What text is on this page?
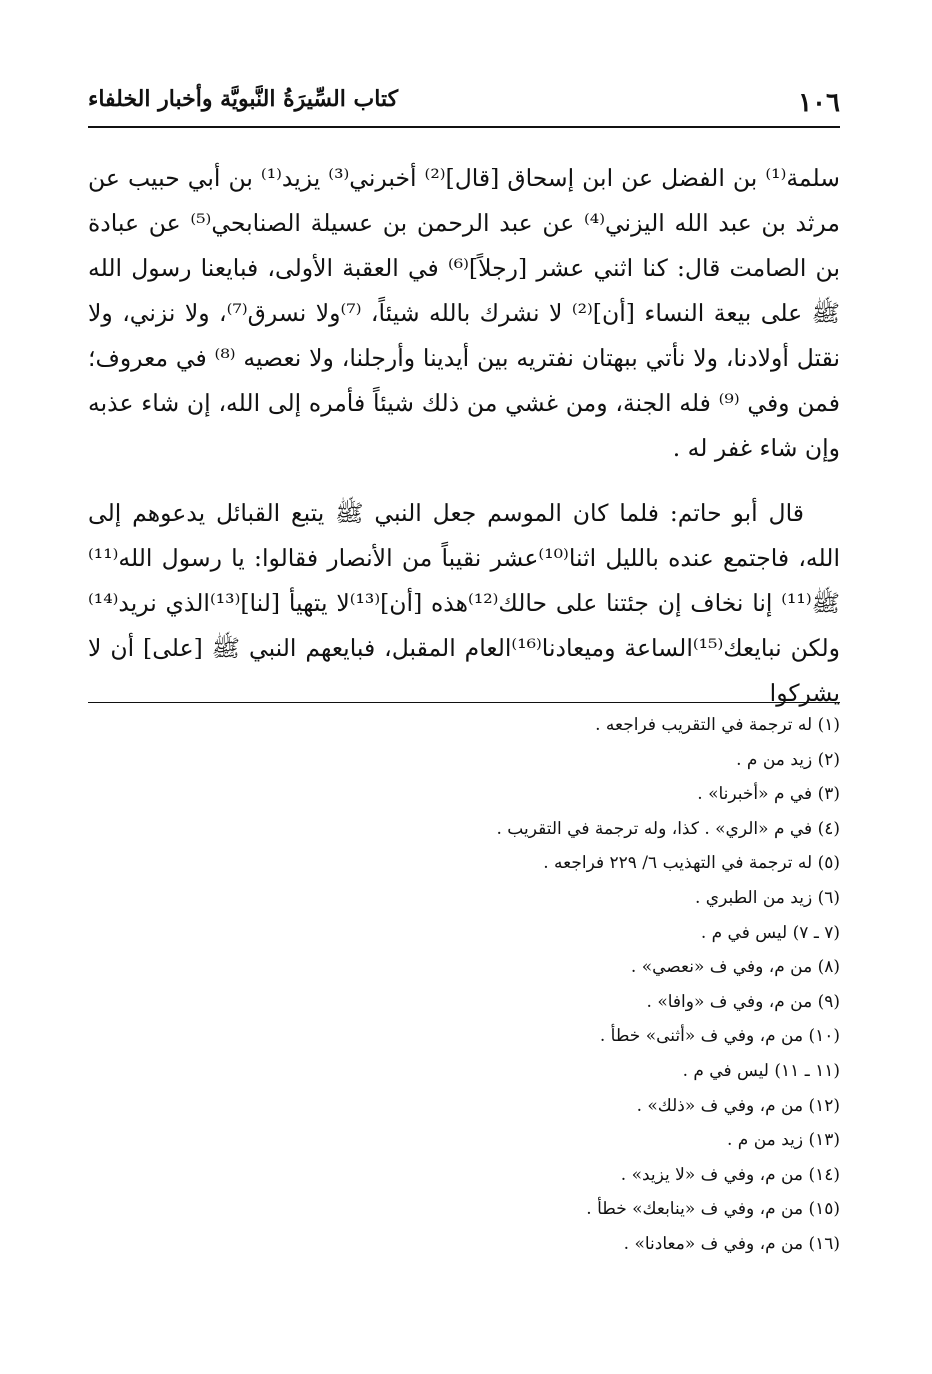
١٠٦
كتاب السِّيرَةُ النَّبويَّة وأخبار الخلفاء

سلمة⁽¹⁾ بن الفضل عن ابن إسحاق [قال]⁽²⁾ أخبرني⁽³⁾ يزيد⁽¹⁾ بن أبي حبيب عن مرثد بن عبد الله اليزني⁽⁴⁾ عن عبد الرحمن بن عسيلة الصنابحي⁽⁵⁾ عن عبادة بن الصامت قال: كنا اثني عشر [رجلاً]⁽⁶⁾ في العقبة الأولى، فبايعنا رسول الله ﷺ على بيعة النساء [أن]⁽²⁾ لا نشرك بالله شيئاً، ⁽⁷⁾ولا نسرق⁽⁷⁾، ولا نزني، ولا نقتل أولادنا، ولا نأتي ببهتان نفتريه بين أيدينا وأرجلنا، ولا نعصيه ⁽⁸⁾ في معروف؛ فمن وفي ⁽⁹⁾ فله الجنة، ومن غشي من ذلك شيئاً فأمره إلى الله، إن شاء عذبه وإن شاء غفر له .

قال أبو حاتم: فلما كان الموسم جعل النبي ﷺ يتبع القبائل يدعوهم إلى الله، فاجتمع عنده بالليل اثنا⁽¹⁰⁾عشر نقيباً من الأنصار فقالوا: يا رسول الله⁽¹¹⁾ﷺ⁽¹¹⁾ إنا نخاف إن جئتنا على حالك⁽¹²⁾هذه [أن]⁽¹³⁾لا يتهيأ [لنا]⁽¹³⁾الذي نريد⁽¹⁴⁾ولكن نبايعك⁽¹⁵⁾الساعة وميعادنا⁽¹⁶⁾العام المقبل، فبايعهم النبي ﷺ [على] أن لا يشركوا

(١) له ترجمة في التقريب فراجعه .
(٢) زيد من م .
(٣) في م «أخبرنا» .
(٤) في م «الري» . كذا، وله ترجمة في التقريب .
(٥) له ترجمة في التهذيب ٦/ ٢٢٩ فراجعه .
(٦) زيد من الطبري .
(٧ ـ ٧) ليس في م .
(٨) من م، وفي ف «نعصي» .
(٩) من م، وفي ف «وافا» .
(١٠) من م، وفي ف «أثنى» خطأ .
(١١ ـ ١١) ليس في م .
(١٢) من م، وفي ف «ذلك» .
(١٣) زيد من م .
(١٤) من م، وفي ف «لا يزيد» .
(١٥) من م، وفي ف «ينابعك» خطأ .
(١٦) من م، وفي ف «معادنا» .
